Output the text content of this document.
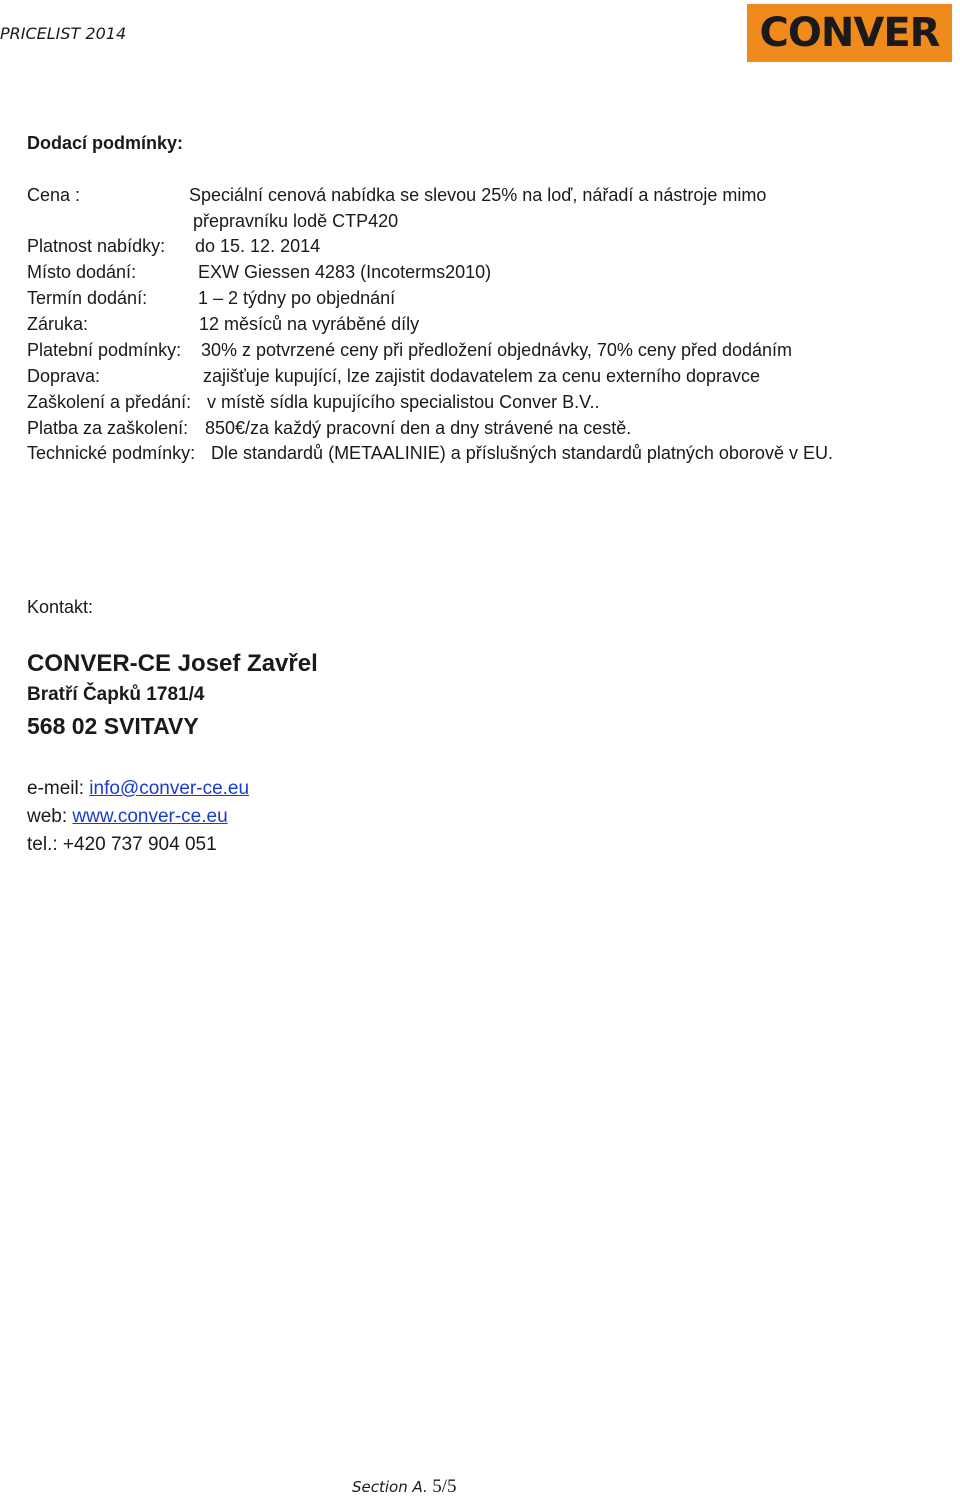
PRICELIST 2014	CONVER
Dodací podmínky:
Cena :	Speciální cenová nabídka se slevou 25% na loď, nářadí a nástroje mimo
přepravníku lodě CTP420
Platnost nabídky: do 15. 12. 2014
Místo dodání:	EXW Giessen 4283 (Incoterms2010)
Termín dodání:	1 – 2 týdny po objednání
Záruka:	12 měsíců na vyráběné díly
Platební podmínky: 30% z potvrzené ceny při předložení objednávky, 70% ceny před dodáním
Doprava:	zajišťuje kupující, lze zajistit dodavatelem za cenu externího dopravce
Zaškolení a předání: v místě sídla kupujícího specialistou Conver B.V..
Platba za zaškolení: 850€/za každý pracovní den a dny strávené na cestě.
Technické podmínky: Dle standardů (METAALINIE) a příslušných standardů platných oborově v EU.
Kontakt:
CONVER-CE Josef Zavřel
Bratří Čapků 1781/4
568 02 SVITAVY
e-meil: info@conver-ce.eu
web: www.conver-ce.eu
tel.: +420 737 904 051
Section A. 5/5
